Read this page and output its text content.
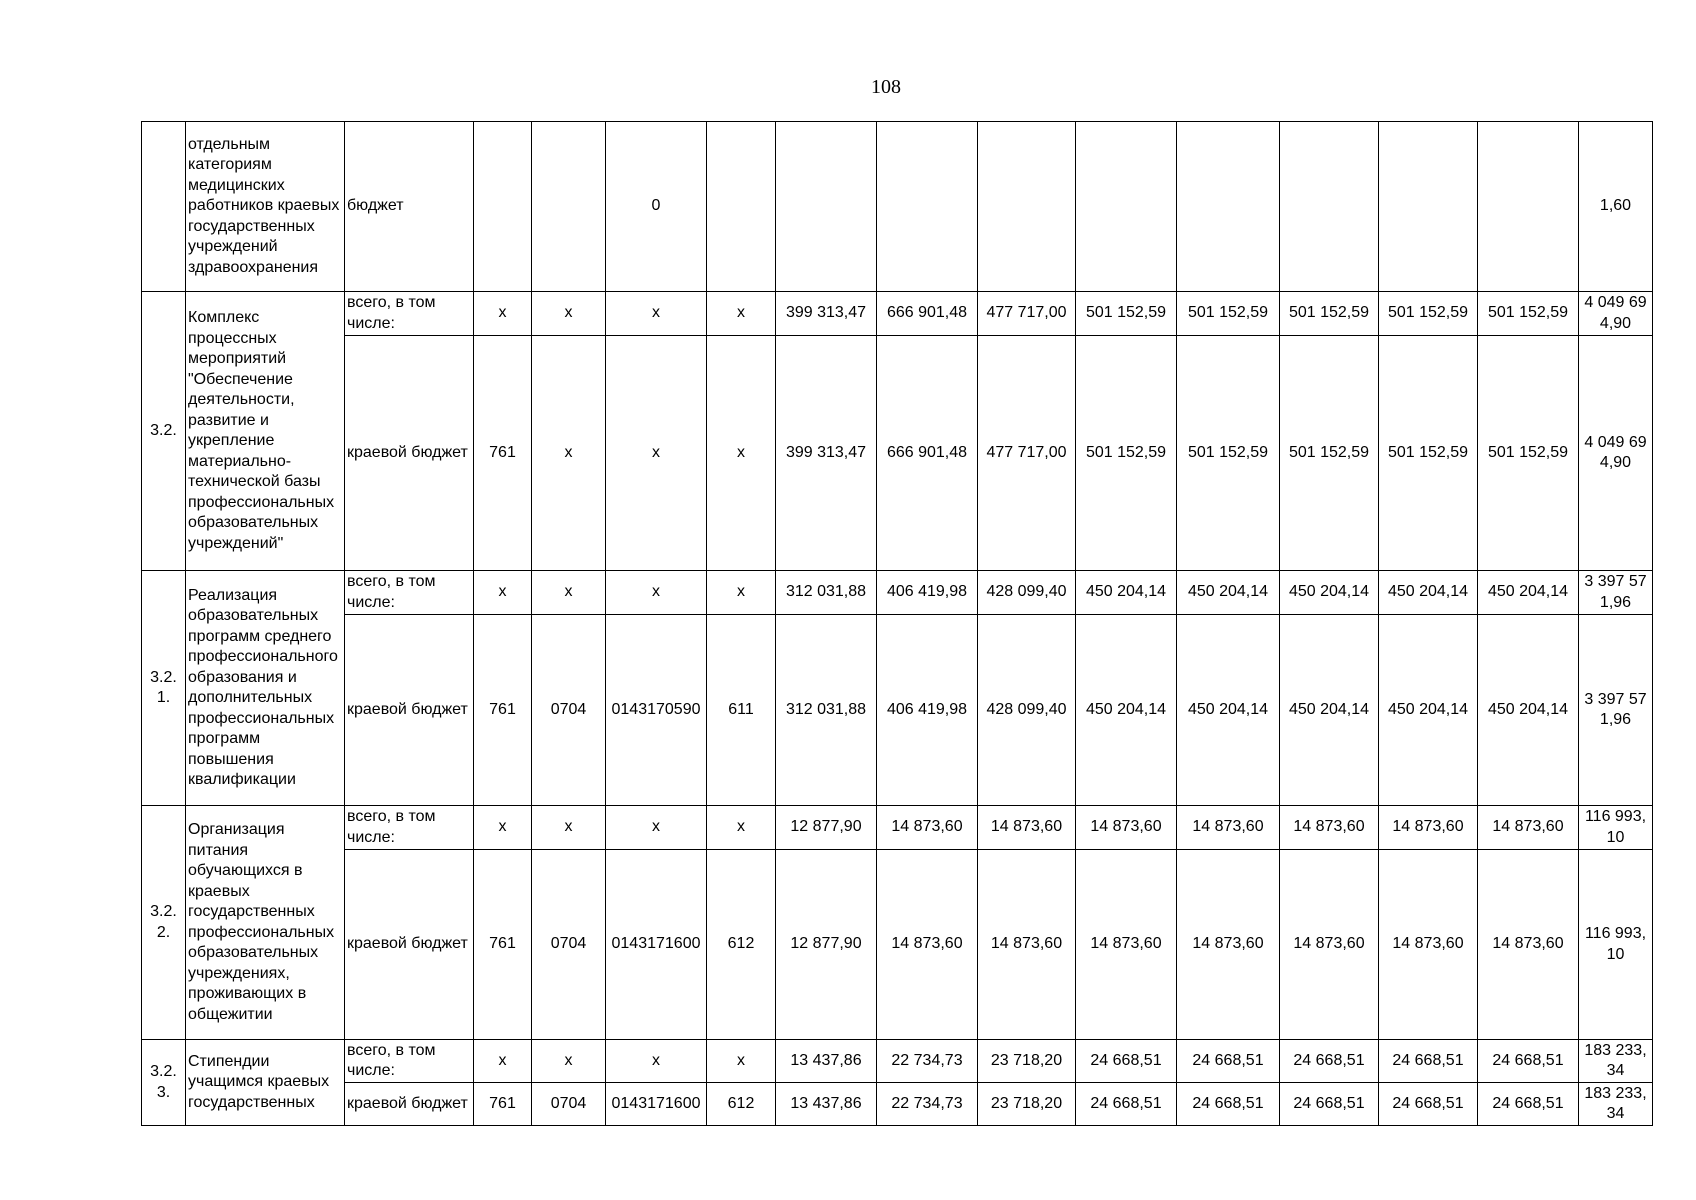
108
	отдельным категориям медицинских работников краевых государственных учреждений здравоохранения	бюджет			0										1,60
3.2.	Комплекс процессных мероприятий "Обеспечение деятельности, развитие и укрепление материально-технической базы профессиональных образовательных учреждений"	всего, в том числе:	x	x	x	x	399 313,47	666 901,48	477 717,00	501 152,59	501 152,59	501 152,59	501 152,59	501 152,59	4 049 694,90
		краевой бюджет	761	x	x	x	399 313,47	666 901,48	477 717,00	501 152,59	501 152,59	501 152,59	501 152,59	501 152,59	4 049 694,90
3.2.1.	Реализация образовательных программ среднего профессионального образования и дополнительных профессиональных программ повышения квалификации	всего, в том числе:	x	x	x	x	312 031,88	406 419,98	428 099,40	450 204,14	450 204,14	450 204,14	450 204,14	450 204,14	3 397 571,96
		краевой бюджет	761	0704	0143170590	611	312 031,88	406 419,98	428 099,40	450 204,14	450 204,14	450 204,14	450 204,14	450 204,14	3 397 571,96
3.2.2.	Организация питания обучающихся в краевых государственных профессиональных образовательных учреждениях, проживающих в общежитии	всего, в том числе:	x	x	x	x	12 877,90	14 873,60	14 873,60	14 873,60	14 873,60	14 873,60	14 873,60	14 873,60	116 993,10
		краевой бюджет	761	0704	0143171600	612	12 877,90	14 873,60	14 873,60	14 873,60	14 873,60	14 873,60	14 873,60	14 873,60	116 993,10
3.2.3.	Стипендии учащимся краевых государственных	всего, в том числе:	x	x	x	x	13 437,86	22 734,73	23 718,20	24 668,51	24 668,51	24 668,51	24 668,51	24 668,51	183 233,34
		краевой бюджет	761	0704	0143171600	612	13 437,86	22 734,73	23 718,20	24 668,51	24 668,51	24 668,51	24 668,51	24 668,51	183 233,34
